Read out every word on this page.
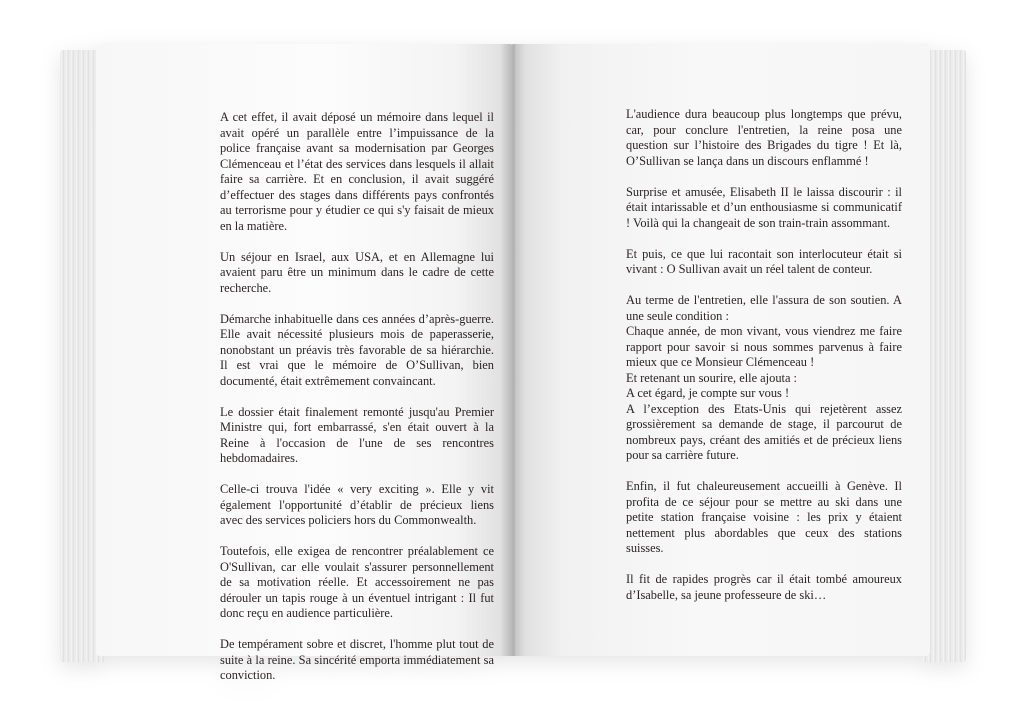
A cet effet, il avait déposé un mémoire dans lequel il avait opéré un parallèle entre l’impuissance de la police française avant sa modernisation par Georges Clémenceau et l’état des services dans lesquels il allait faire sa carrière. Et en conclusion, il avait suggéré d’effectuer des stages dans différents pays confrontés au terrorisme pour y étudier ce qui s'y faisait de mieux en la matière.

Un séjour en Israel, aux USA, et en Allemagne lui avaient paru être un minimum dans le cadre de cette recherche.

Démarche inhabituelle dans ces années d’après-guerre. Elle avait nécessité plusieurs mois de paperasserie, nonobstant un préavis très favorable de sa hiérarchie. Il est vrai que le mémoire de O’Sullivan, bien documenté, était extrêmement convaincant.

Le dossier était finalement remonté jusqu'au Premier Ministre qui, fort embarrassé, s'en était ouvert à la Reine à l'occasion de l'une de ses rencontres hebdomadaires.

Celle-ci trouva l'idée « very exciting ». Elle y vit également l'opportunité d’établir de précieux liens avec des services policiers hors du Commonwealth.

Toutefois, elle exigea de rencontrer préalablement ce O'Sullivan, car elle voulait s'assurer personnellement de sa motivation réelle. Et accessoirement ne pas dérouler un tapis rouge à un éventuel intrigant : Il fut donc reçu en audience particulière.

De tempérament sobre et discret, l'homme plut tout de suite à la reine. Sa sincérité emporta immédiatement sa conviction.

L'audience dura beaucoup plus longtemps que prévu, car, pour conclure l'entretien, la reine posa une question sur l’histoire des Brigades du tigre ! Et là, O’Sullivan se lança dans un discours enflammé !

Surprise et amusée, Elisabeth II le laissa discourir : il était intarissable et d’un enthousiasme si communicatif ! Voilà qui la changeait de son train-train assommant.

Et puis, ce que lui racontait son interlocuteur était si vivant : O Sullivan avait un réel talent de conteur.

Au terme de l'entretien, elle l'assura de son soutien. A une seule condition :
Chaque année, de mon vivant, vous viendrez me faire rapport pour savoir si nous sommes parvenus à faire mieux que ce Monsieur Clémenceau !
Et retenant un sourire, elle ajouta :
A cet égard, je compte sur vous !
A l’exception des Etats-Unis qui rejetèrent assez grossièrement sa demande de stage, il parcourut de nombreux pays, créant des amitiés et de précieux liens pour sa carrière future.

Enfin, il fut chaleureusement accueilli à Genève. Il profita de ce séjour pour se mettre au ski dans une petite station française voisine : les prix y étaient nettement plus abordables que ceux des stations suisses.

Il fit de rapides progrès car il était tombé amoureux d’Isabelle, sa jeune professeure de ski…
